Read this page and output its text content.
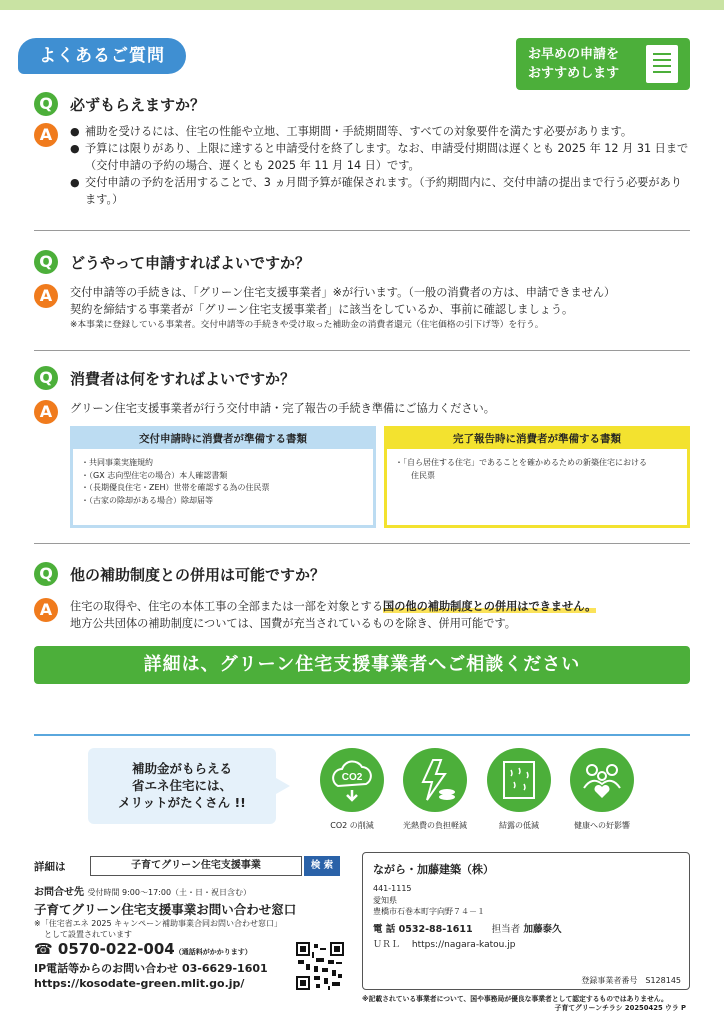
よくあるご質問	お早めの申請を
おすすめします
Q	必ずもらえますか？
A
●	補助を受けるには、住宅の性能や立地、工事期間・手続期間等、すべての対象要件を満たす必要があります。
● 予算には限りがあり、上限に達すると申請受付を終了します。なお、申請受付期間は遅くとも 2025 年 12 月 31 日まで（交付申請の予約の場合、遅くとも 2025 年 11 月 14 日）です。
● 交付申請の予約を活用することで、3 ヵ月間予算が確保されます。（予約期間内に、交付申請の提出まで行う必要があります。）
Q	どうやって申請すればよいですか？
A	交付申請等の手続きは、「グリーン住宅支援事業者」※が行います。（一般の消費者の方は、申請できません）
契約を締結する事業者が「グリーン住宅支援事業者」に該当をしているか、事前に確認しましょう。
※本事業に登録している事業者。交付申請等の手続きや受け取った補助金の消費者還元（住宅価格の引下げ等）を行う。
Q	消費者は何をすればよいですか？
A	グリーン住宅支援事業者が行う交付申請・完了報告の手続き準備にご協力ください。
交付申請時に消費者が準備する書類
・共同事業実施規約
・（GX 志向型住宅の場合）本人確認書類
・（長期優良住宅・ZEH）世帯を確認する為の住民票
・（古家の除却がある場合）除却届等
完了報告時に消費者が準備する書類
・「自ら居住する住宅」であることを確かめるための新築住宅における
住民票
Q	他の補助制度との併用は可能ですか？
A	住宅の取得や、住宅の本体工事の全部または一部を対象とする国の他の補助制度との併用はできません。
地方公共団体の補助制度については、国費が充当されているものを除き、併用可能です。
詳細は、グリーン住宅支援事業者へご相談ください
補助金がもらえる
省エネ住宅には、
メリットがたくさん !!
CO2
CO2 の削減	光熱費の負担軽減	結露の低減	健康への好影響
詳細は	子育てグリーン住宅支援事業	検 索
お問合せ先 受付時間 9:00〜17:00（土・日・祝日含む）
子育てグリーン住宅支援事業お問い合わせ窓口
※「住宅省エネ 2025 キャンペーン補助事業合同お問い合わせ窓口」
として設置されています
☎ 0570-022-004（通話料がかかります）
IP電話等からのお問い合わせ 03-6629-1601
https://kosodate-green.mlit.go.jp/
ながら・加藤建築（株）
441-1115
愛知県
豊橋市石巻本町字向野７４－１
電 話 0532-88-1611　　 担当者 加藤泰久
ＵＲＬ　 https://nagara-katou.jp
登録事業者番号　 S128145
※記載されている事業者について、国や事務局が優良な事業者として認定するものではありません。
子育てグリーンチラシ 20250425 ウラ P
